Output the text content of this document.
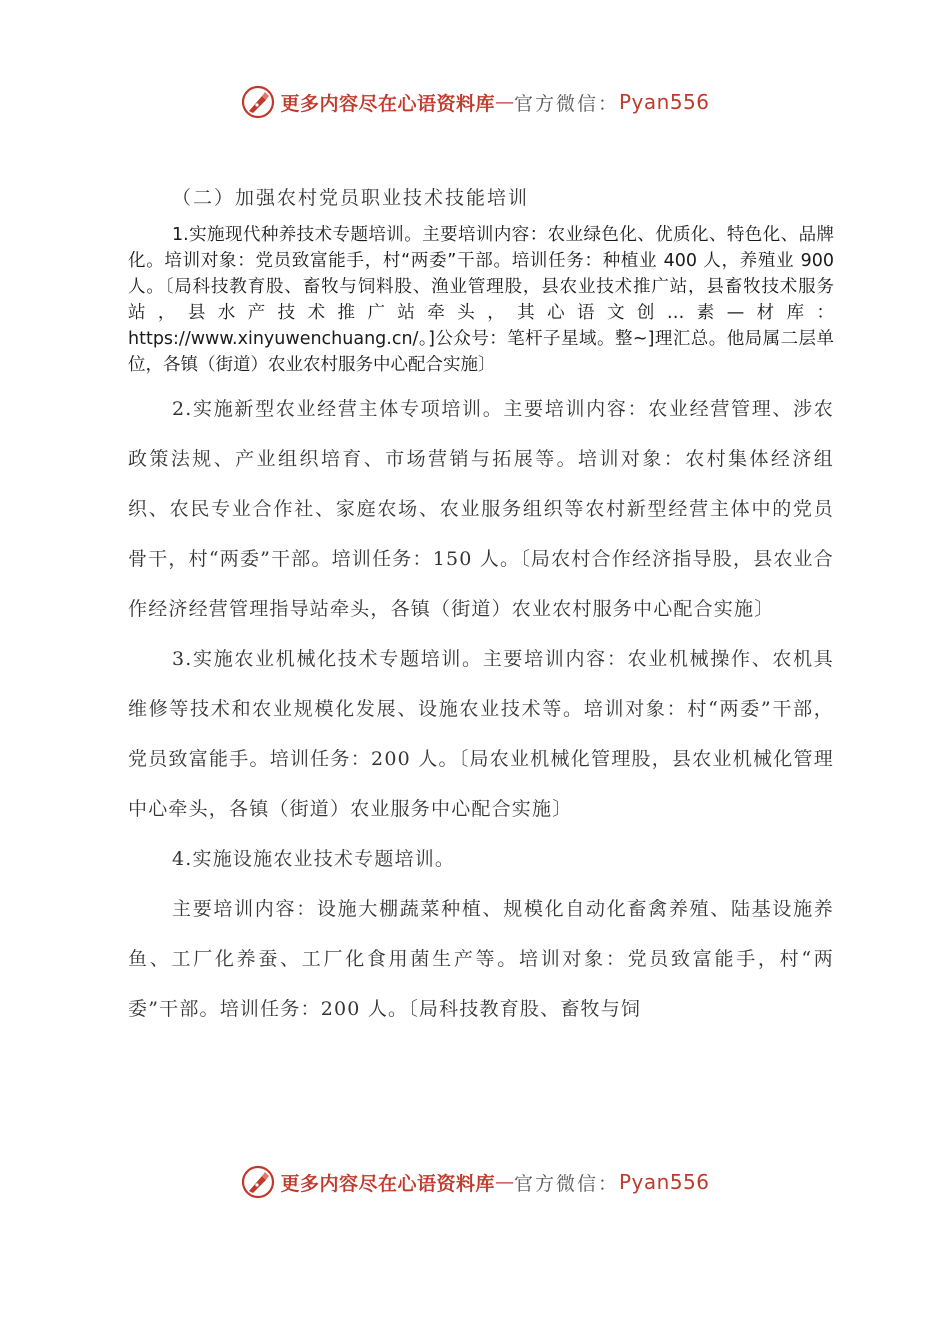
更多内容尽在心语资料库 — 官方微信： Pyan556
（二）加强农村党员职业技术技能培训

1.实施现代种养技术专题培训。主要培训内容：农业绿色化、优质化、特色化、品牌化。培训对象：党员致富能手，村“两委”干部。培训任务：种植业 400 人，养殖业 900 人。〔局科技教育股、畜牧与饲料股、渔业管理股，县农业技术推广站，县畜牧技术服务站，县水产技术推广站牵头，其心语文创…素—材库：https://www.xinyuwenchuang.cn/。]公众号：笔杆子星域。整~]理汇总。他局属二层单位，各镇（街道）农业农村服务中心配合实施〕

2.实施新型农业经营主体专项培训。主要培训内容：农业经营管理、涉农政策法规、产业组织培育、市场营销与拓展等。培训对象：农村集体经济组织、农民专业合作社、家庭农场、农业服务组织等农村新型经营主体中的党员骨干，村“两委”干部。培训任务：150 人。〔局农村合作经济指导股，县农业合作经济经营管理指导站牵头，各镇（街道）农业农村服务中心配合实施〕

3.实施农业机械化技术专题培训。主要培训内容：农业机械操作、农机具维修等技术和农业规模化发展、设施农业技术等。培训对象：村“两委”干部，党员致富能手。培训任务：200 人。〔局农业机械化管理股，县农业机械化管理中心牵头，各镇（街道）农业服务中心配合实施〕

4.实施设施农业技术专题培训。

主要培训内容：设施大棚蔬菜种植、规模化自动化畜禽养殖、陆基设施养鱼、工厂化养蚕、工厂化食用菌生产等。培训对象：党员致富能手，村“两委”干部。培训任务：200 人。〔局科技教育股、畜牧与饲

更多内容尽在心语资料库 — 官方微信： Pyan556
